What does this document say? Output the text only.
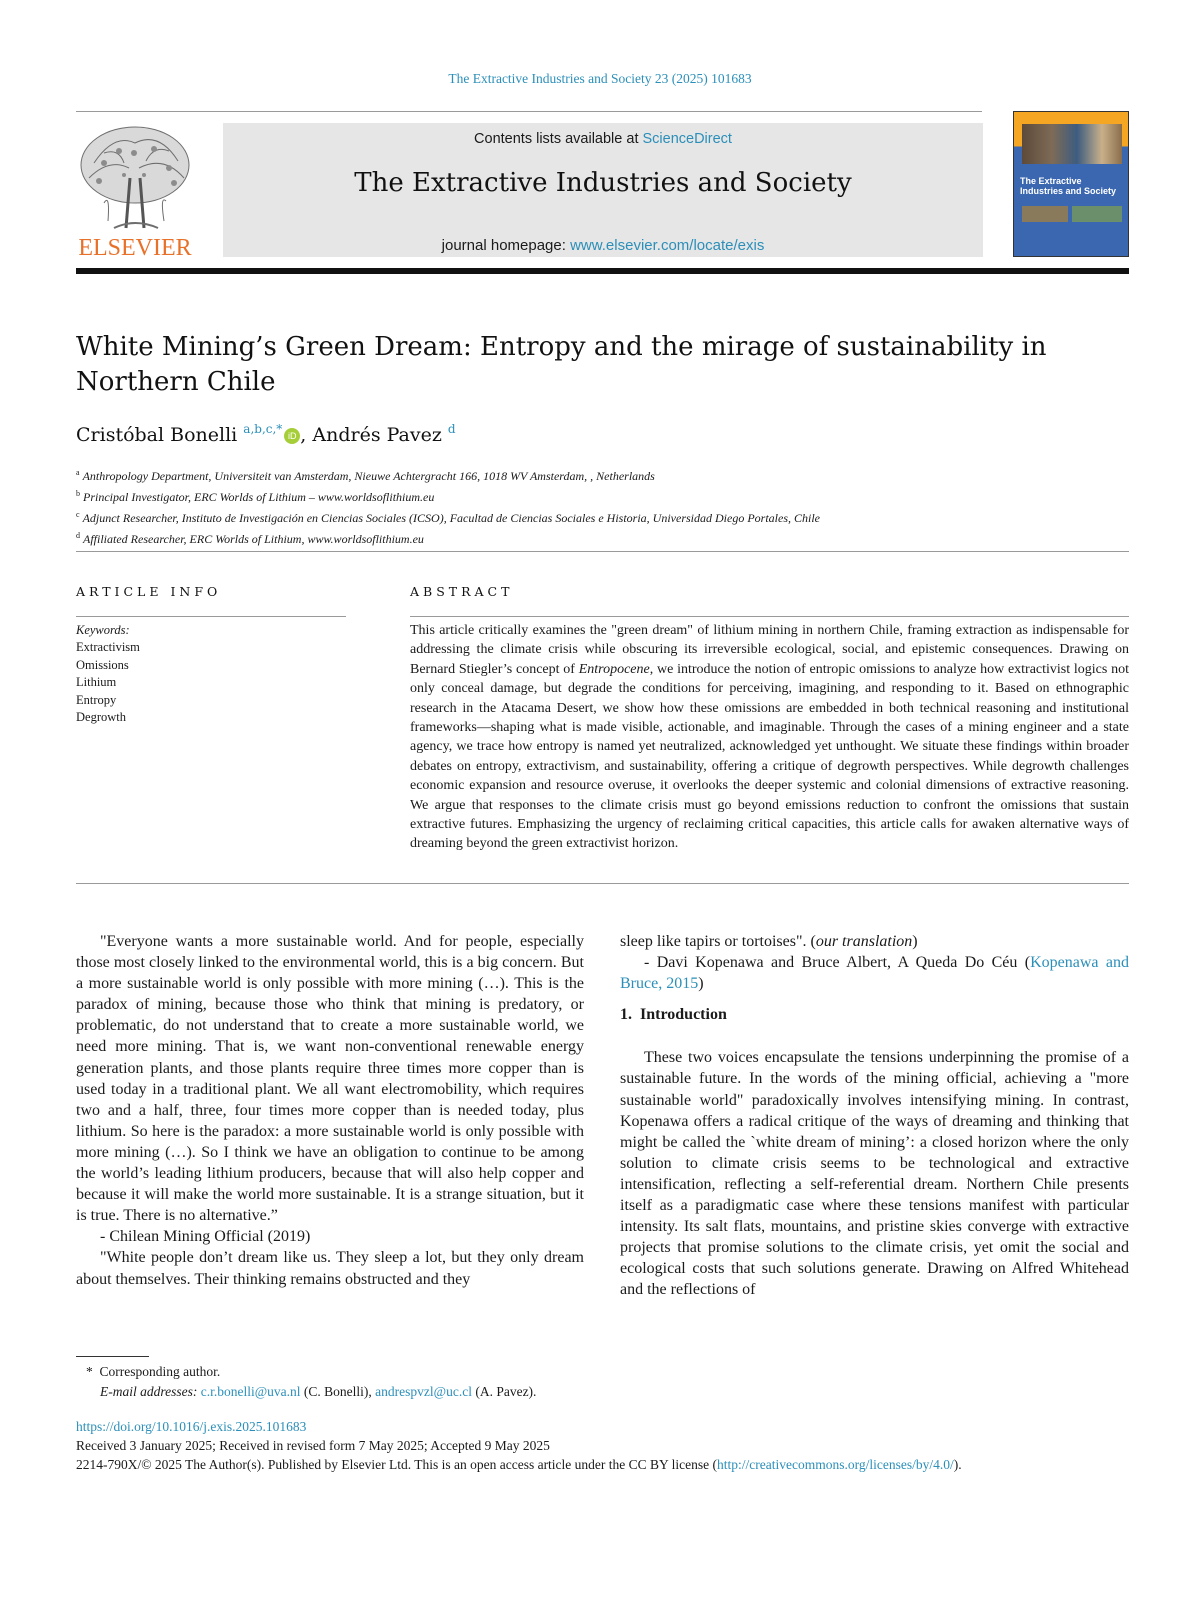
The Extractive Industries and Society 23 (2025) 101683
ELSEVIER
Contents lists available at ScienceDirect
The Extractive Industries and Society
journal homepage: www.elsevier.com/locate/exis
The Extractive Industries and Society
White Mining’s Green Dream: Entropy and the mirage of sustainability in Northern Chile
Cristóbal Bonelli $^{a,b,c,*}$ iD , Andrés Pavez $^d$
$^a$ Anthropology Department, Universiteit van Amsterdam, Nieuwe Achtergracht 166, 1018 WV Amsterdam, , Netherlands
$^b$ Principal Investigator, ERC Worlds of Lithium – www.worldsoflithium.eu
$^c$ Adjunct Researcher, Instituto de Investigación en Ciencias Sociales (ICSO), Facultad de Ciencias Sociales e Historia, Universidad Diego Portales, Chile
$^d$ Affiliated Researcher, ERC Worlds of Lithium, www.worldsoflithium.eu
ARTICLE INFO
Keywords:
Extractivism
Omissions
Lithium
Entropy
Degrowth
ABSTRACT
This article critically examines the "green dream" of lithium mining in northern Chile, framing extraction as indispensable for addressing the climate crisis while obscuring its irreversible ecological, social, and epistemic consequences. Drawing on Bernard Stiegler’s concept of Entropocene, we introduce the notion of entropic omissions to analyze how extractivist logics not only conceal damage, but degrade the conditions for perceiving, imagining, and responding to it. Based on ethnographic research in the Atacama Desert, we show how these omissions are embedded in both technical reasoning and institutional frameworks—shaping what is made visible, actionable, and imaginable. Through the cases of a mining engineer and a state agency, we trace how entropy is named yet neutralized, acknowledged yet unthought. We situate these findings within broader debates on entropy, extractivism, and sustainability, offering a critique of degrowth perspectives. While degrowth challenges economic expansion and resource overuse, it overlooks the deeper systemic and colonial dimensions of extractive reasoning. We argue that responses to the climate crisis must go beyond emissions reduction to confront the omissions that sustain extractive futures. Emphasizing the urgency of reclaiming critical capacities, this article calls for awaken alternative ways of dreaming beyond the green extractivist horizon.

"Everyone wants a more sustainable world. And for people, especially those most closely linked to the environmental world, this is a big concern. But a more sustainable world is only possible with more mining (…). This is the paradox of mining, because those who think that mining is predatory, or problematic, do not understand that to create a more sustainable world, we need more mining. That is, we want non-conventional renewable energy generation plants, and those plants require three times more copper than is used today in a traditional plant. We all want electromobility, which requires two and a half, three, four times more copper than is needed today, plus lithium. So here is the paradox: a more sustainable world is only possible with more mining (…). So I think we have an obligation to continue to be among the world’s leading lithium producers, because that will also help copper and because it will make the world more sustainable. It is a strange situation, but it is true. There is no alternative.”

- Chilean Mining Official (2019)

"White people don’t dream like us. They sleep a lot, but they only dream about themselves. Their thinking remains obstructed and they

sleep like tapirs or tortoises". (our translation)

- Davi Kopenawa and Bruce Albert, A Queda Do Céu (Kopenawa and Bruce, 2015)

1. Introduction

These two voices encapsulate the tensions underpinning the promise of a sustainable future. In the words of the mining official, achieving a "more sustainable world" paradoxically involves intensifying mining. In contrast, Kopenawa offers a radical critique of the ways of dreaming and thinking that might be called the `white dream of mining’: a closed horizon where the only solution to climate crisis seems to be technological and extractive intensification, reflecting a self-referential dream. Northern Chile presents itself as a paradigmatic case where these tensions manifest with particular intensity. Its salt flats, mountains, and pristine skies converge with extractive projects that promise solutions to the climate crisis, yet omit the social and ecological costs that such solutions generate. Drawing on Alfred Whitehead and the reflections of

* Corresponding author.
E-mail addresses: c.r.bonelli@uva.nl (C. Bonelli), andrespvzl@uc.cl (A. Pavez).
https://doi.org/10.1016/j.exis.2025.101683
Received 3 January 2025; Received in revised form 7 May 2025; Accepted 9 May 2025
2214-790X/© 2025 The Author(s). Published by Elsevier Ltd. This is an open access article under the CC BY license (http://creativecommons.org/licenses/by/4.0/).
